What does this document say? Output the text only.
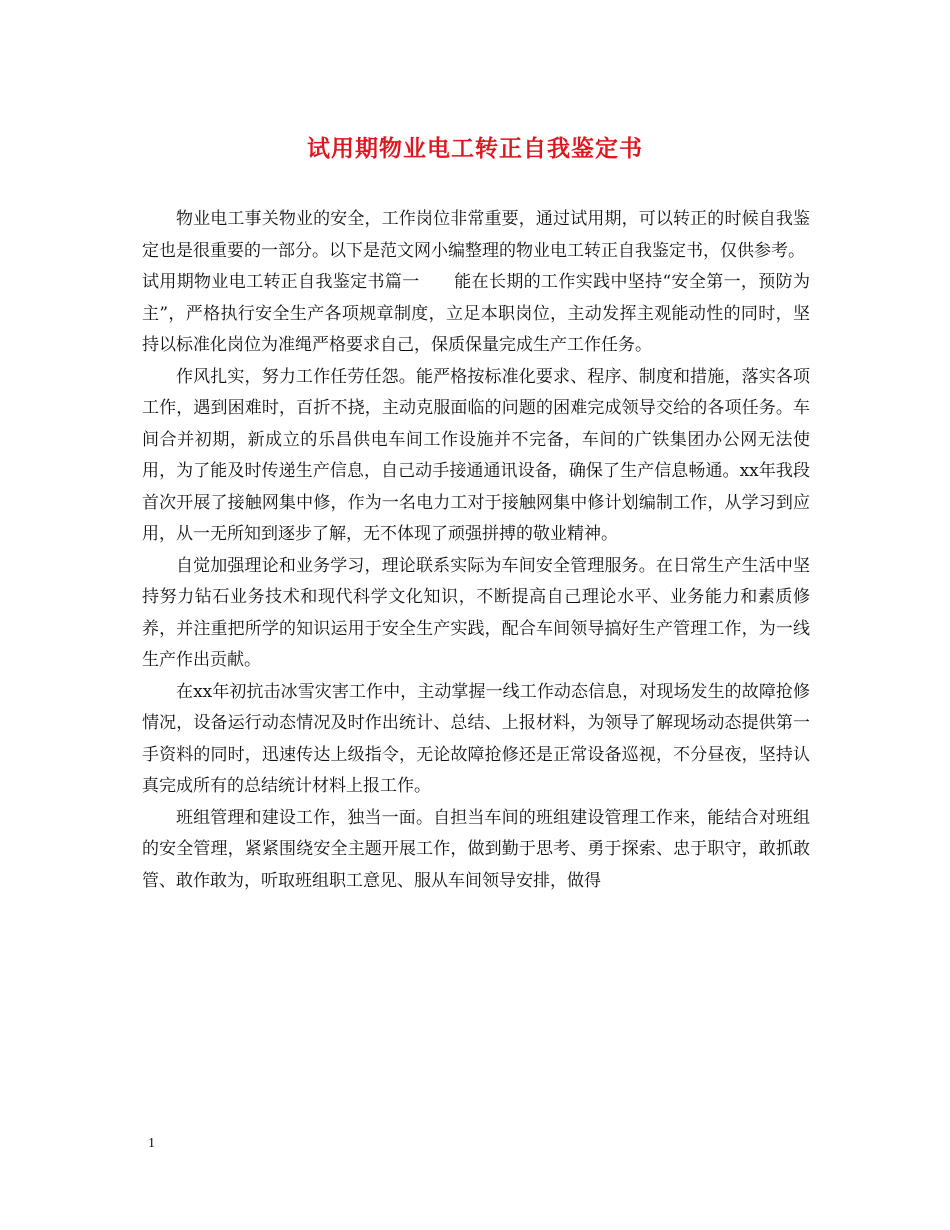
试用期物业电工转正自我鉴定书

物业电工事关物业的安全，工作岗位非常重要，通过试用期，可以转正的时候自我鉴定也是很重要的一部分。以下是范文网小编整理的物业电工转正自我鉴定书，仅供参考。

试用期物业电工转正自我鉴定书篇一　　能在长期的工作实践中坚持“安全第一，预防为主”，严格执行安全生产各项规章制度，立足本职岗位，主动发挥主观能动性的同时，坚持以标准化岗位为准绳严格要求自己，保质保量完成生产工作任务。

作风扎实，努力工作任劳任怨。能严格按标准化要求、程序、制度和措施，落实各项工作，遇到困难时，百折不挠，主动克服面临的问题的困难完成领导交给的各项任务。车间合并初期，新成立的乐昌供电车间工作设施并不完备，车间的广铁集团办公网无法使用，为了能及时传递生产信息，自己动手接通通讯设备，确保了生产信息畅通。xx年我段首次开展了接触网集中修，作为一名电力工对于接触网集中修计划编制工作，从学习到应用，从一无所知到逐步了解，无不体现了顽强拼搏的敬业精神。

自觉加强理论和业务学习，理论联系实际为车间安全管理服务。在日常生产生活中坚持努力钻石业务技术和现代科学文化知识，不断提高自己理论水平、业务能力和素质修养，并注重把所学的知识运用于安全生产实践，配合车间领导搞好生产管理工作，为一线生产作出贡献。

在xx年初抗击冰雪灾害工作中，主动掌握一线工作动态信息，对现场发生的故障抢修情况，设备运行动态情况及时作出统计、总结、上报材料，为领导了解现场动态提供第一手资料的同时，迅速传达上级指令，无论故障抢修还是正常设备巡视，不分昼夜，坚持认真完成所有的总结统计材料上报工作。

班组管理和建设工作，独当一面。自担当车间的班组建设管理工作来，能结合对班组的安全管理，紧紧围绕安全主题开展工作，做到勤于思考、勇于探索、忠于职守，敢抓敢管、敢作敢为，听取班组职工意见、服从车间领导安排，做得

1
